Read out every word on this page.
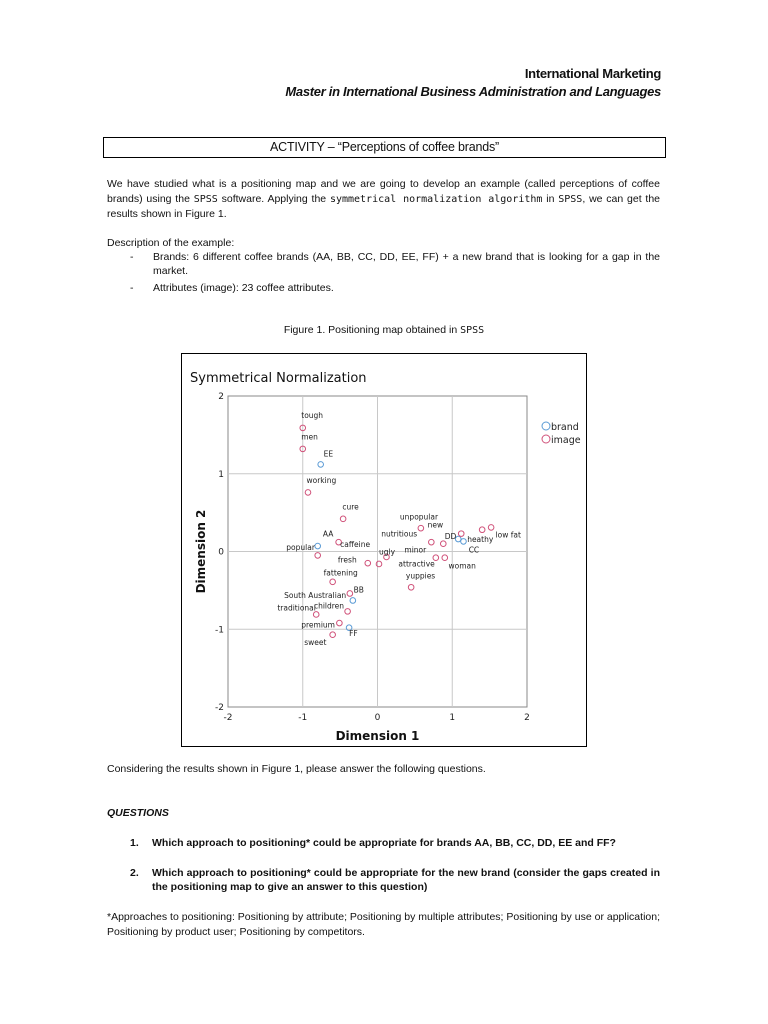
International Marketing
Master in International Business Administration and Languages
ACTIVITY – “Perceptions of coffee brands”
We have studied what is a positioning map and we are going to develop an example (called perceptions of coffee brands) using the SPSS software. Applying the symmetrical normalization algorithm in SPSS, we can get the results shown in Figure 1.
Description of the example:
- Brands: 6 different coffee brands (AA, BB, CC, DD, EE, FF) + a new brand that is looking for a gap in the market.
- Attributes (image): 23 coffee attributes.
Figure 1. Positioning map obtained in SPSS
Symmetrical Normalization
-2	-1	0	1	2
2
1
0
-1
-2
Dimension 1
Dimension 2
tough
men
EE
working
cure
AA
popular	caffeine
fresh
ugly
fattening
South Australian
BB
traditional
children
premium
FF
sweet
unpopular
new
nutritious	DD heathy
low fat
CC
minor
attractive woman
yuppies
brand
image
Considering the results shown in Figure 1, please answer the following questions.
QUESTIONS
1. Which approach to positioning* could be appropriate for brands AA, BB, CC, DD, EE and FF?
2. Which approach to positioning* could be appropriate for the new brand (consider the gaps created in the positioning map to give an answer to this question)
*Approaches to positioning: Positioning by attribute; Positioning by multiple attributes; Positioning by use or application; Positioning by product user; Positioning by competitors.
